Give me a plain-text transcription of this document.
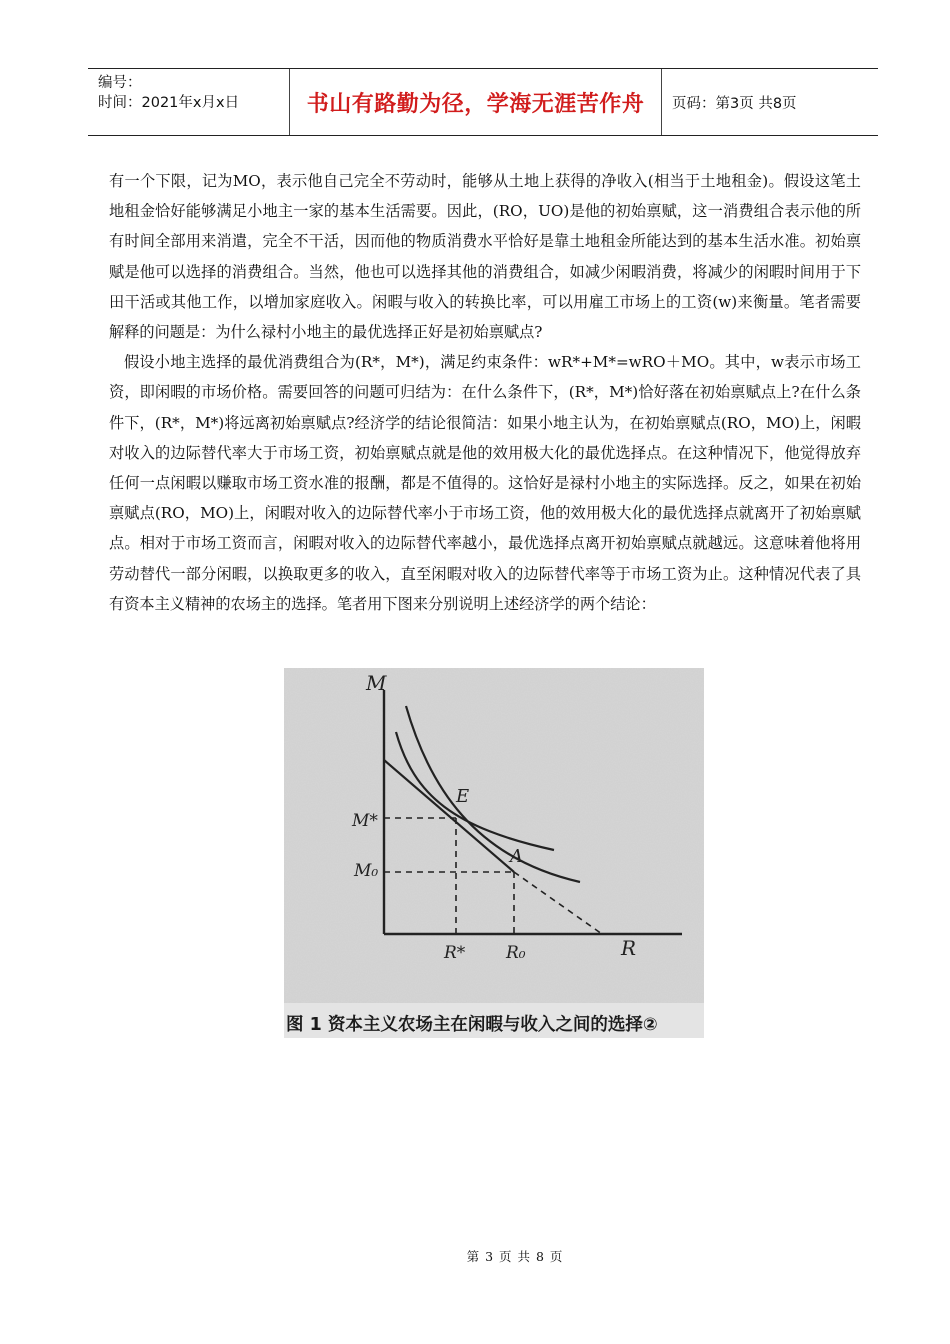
编号：
时间：2021年x月x日	书山有路勤为径，学海无涯苦作舟 页码：第3页 共8页

有一个下限，记为MO，表示他自己完全不劳动时，能够从土地上获得的净收入(相当于土地租金)。假设这笔土地租金恰好能够满足小地主一家的基本生活需要。因此，(RO，UO)是他的初始禀赋，这一消费组合表示他的所有时间全部用来消遣，完全不干活，因而他的物质消费水平恰好是靠土地租金所能达到的基本生活水准。初始禀赋是他可以选择的消费组合。当然，他也可以选择其他的消费组合，如减少闲暇消费，将减少的闲暇时间用于下田干活或其他工作，以增加家庭收入。闲暇与收入的转换比率，可以用雇工市场上的工资(w)来衡量。笔者需要解释的问题是：为什么禄村小地主的最优选择正好是初始禀赋点?

假设小地主选择的最优消费组合为(R*，M*)，满足约束条件：wR*+M*=wRO＋MO。其中，w表示市场工资，即闲暇的市场价格。需要回答的问题可归结为：在什么条件下，(R*，M*)恰好落在初始禀赋点上?在什么条件下，(R*，M*)将远离初始禀赋点?经济学的结论很简洁：如果小地主认为，在初始禀赋点(RO，MO)上，闲暇对收入的边际替代率大于市场工资，初始禀赋点就是他的效用极大化的最优选择点。在这种情况下，他觉得放弃任何一点闲暇以赚取市场工资水准的报酬，都是不值得的。这恰好是禄村小地主的实际选择。反之，如果在初始禀赋点(RO，MO)上，闲暇对收入的边际替代率小于市场工资，他的效用极大化的最优选择点就离开了初始禀赋点。相对于市场工资而言，闲暇对收入的边际替代率越小，最优选择点离开初始禀赋点就越远。这意味着他将用劳动替代一部分闲暇，以换取更多的收入，直至闲暇对收入的边际替代率等于市场工资为止。这种情况代表了具有资本主义精神的农场主的选择。笔者用下图来分别说明上述经济学的两个结论：

M
R
E
A
M*
M₀
R* R₀
图 1 资本主义农场主在闲暇与收入之间的选择②
第 3 页 共 8 页
